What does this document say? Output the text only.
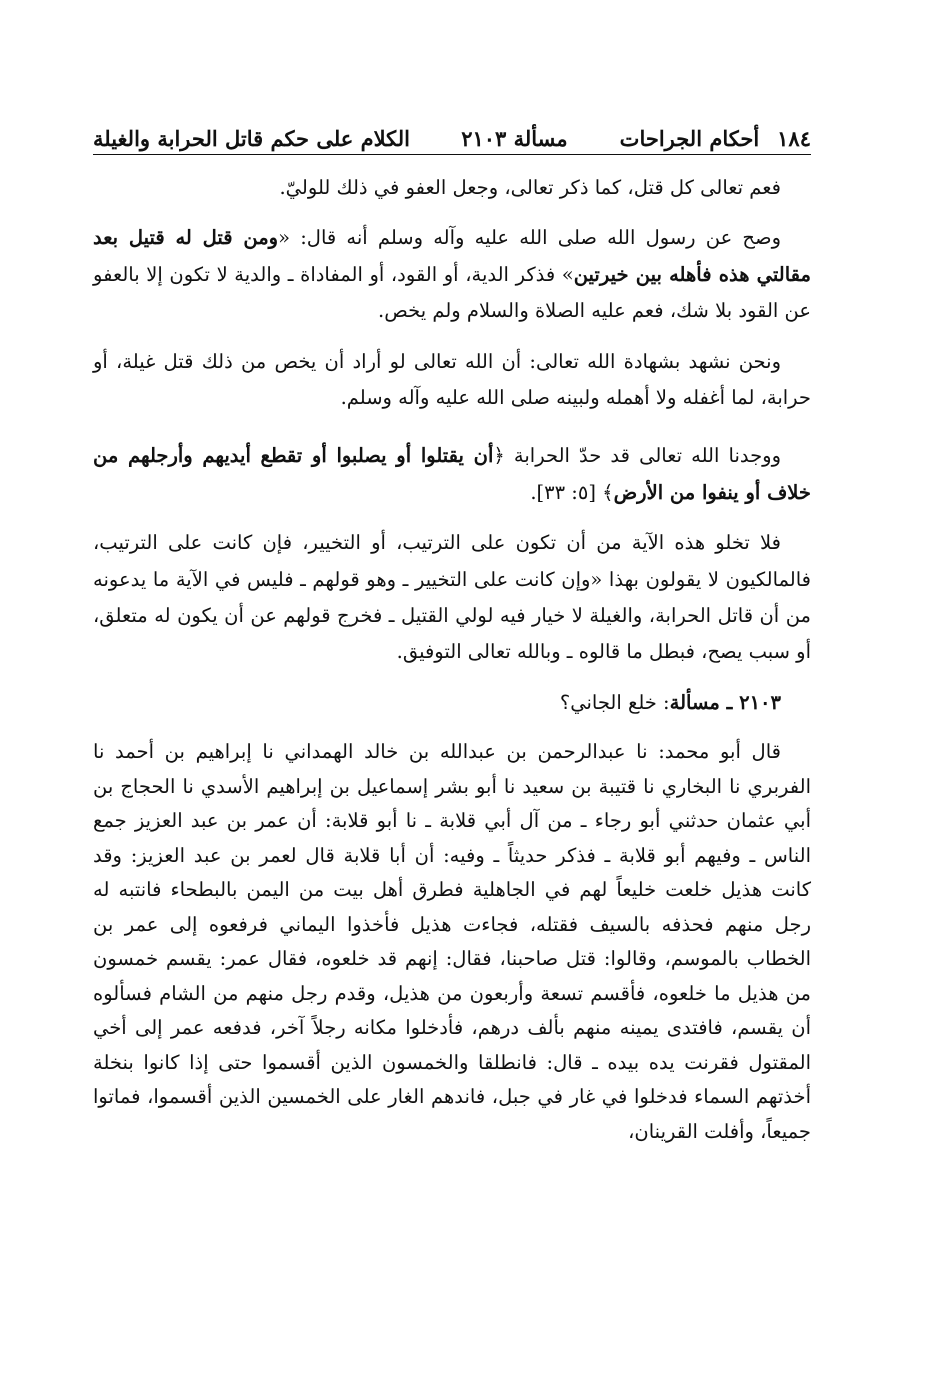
١٨٤
أحكام الجراحات
مسألة ٢١٠٣
الكلام على حكم قاتل الحرابة والغيلة

فعم تعالى كل قتل، كما ذكر تعالى، وجعل العفو في ذلك للوليّ.

وصح عن رسول الله صلى الله عليه وآله وسلم أنه قال: «ومن قتل له قتيل بعد مقالتي هذه فأهله بين خيرتين» فذكر الدية، أو القود، أو المفاداة ـ والدية لا تكون إلا بالعفو عن القود بلا شك، فعم عليه الصلاة والسلام ولم يخص.

ونحن نشهد بشهادة الله تعالى: أن الله تعالى لو أراد أن يخص من ذلك قتل غيلة، أو حرابة، لما أغفله ولا أهمله ولبينه صلى الله عليه وآله وسلم.

ووجدنا الله تعالى قد حدّ الحرابة ﴿أن يقتلوا أو يصلبوا أو تقطع أيديهم وأرجلهم من خلاف أو ينفوا من الأرض﴾ [٥: ٣٣].

فلا تخلو هذه الآية من أن تكون على الترتيب، أو التخيير، فإن كانت على الترتيب، فالمالكيون لا يقولون بهذا «وإن كانت على التخيير ـ وهو قولهم ـ فليس في الآية ما يدعونه من أن قاتل الحرابة، والغيلة لا خيار فيه لولي القتيل ـ فخرج قولهم عن أن يكون له متعلق، أو سبب يصح، فبطل ما قالوه ـ وبالله تعالى التوفيق.

٢١٠٣ ـ مسألة: خلع الجاني؟

قال أبو محمد: نا عبدالرحمن بن عبدالله بن خالد الهمداني نا إبراهيم بن أحمد نا الفربري نا البخاري نا قتيبة بن سعيد نا أبو بشر إسماعيل بن إبراهيم الأسدي نا الحجاج بن أبي عثمان حدثني أبو رجاء ـ من آل أبي قلابة ـ نا أبو قلابة: أن عمر بن عبد العزيز جمع الناس ـ وفيهم أبو قلابة ـ فذكر حديثاً ـ وفيه: أن أبا قلابة قال لعمر بن عبد العزيز: وقد كانت هذيل خلعت خليعاً لهم في الجاهلية فطرق أهل بيت من اليمن بالبطحاء فانتبه له رجل منهم فحذفه بالسيف فقتله، فجاءت هذيل فأخذوا اليماني فرفعوه إلى عمر بن الخطاب بالموسم، وقالوا: قتل صاحبنا، فقال: إنهم قد خلعوه، فقال عمر: يقسم خمسون من هذيل ما خلعوه، فأقسم تسعة وأربعون من هذيل، وقدم رجل منهم من الشام فسألوه أن يقسم، فافتدى يمينه منهم بألف درهم، فأدخلوا مكانه رجلاً آخر، فدفعه عمر إلى أخي المقتول فقرنت يده بيده ـ قال: فانطلقا والخمسون الذين أقسموا حتى إذا كانوا بنخلة أخذتهم السماء فدخلوا في غار في جبل، فاندهم الغار على الخمسين الذين أقسموا، فماتوا جميعاً، وأفلت القرينان،
